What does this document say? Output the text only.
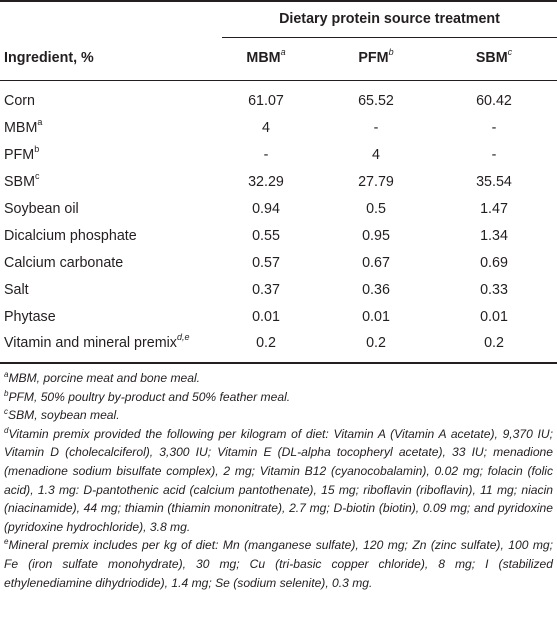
Dietary protein source treatment
Ingredient, %	MBM$^a$	PFM$^b$	SBM$^c$
Corn	61.07	65.52	60.42
MBM$^a$	4	-	-
PFM$^b$	-	4	-
SBM$^c$	32.29	27.79	35.54
Soybean oil	0.94	0.5	1.47
Dicalcium phosphate	0.55	0.95	1.34
Calcium carbonate	0.57	0.67	0.69
Salt	0.37	0.36	0.33
Phytase	0.01	0.01	0.01
Vitamin and mineral premix$^{d,e}$	0.2	0.2	0.2

$^a$MBM, porcine meat and bone meal.

$^b$PFM, 50% poultry by-product and 50% feather meal.

$^c$SBM, soybean meal.

$^d$Vitamin premix provided the following per kilogram of diet: Vitamin A (Vitamin A acetate), 9,370 IU; Vitamin D (cholecalciferol), 3,300 IU; Vitamin E (DL-alpha tocopheryl acetate), 33 IU; menadione (menadione sodium bisulfate complex), 2 mg; Vitamin B12 (cyanocobalamin), 0.02 mg; folacin (folic acid), 1.3 mg: D-pantothenic acid (calcium pantothenate), 15 mg; riboflavin (riboflavin), 11 mg; niacin (niacinamide), 44 mg; thiamin (thiamin mononitrate), 2.7 mg; D-biotin (biotin), 0.09 mg; and pyridoxine (pyridoxine hydrochloride), 3.8 mg.

$^e$Mineral premix includes per kg of diet: Mn (manganese sulfate), 120 mg; Zn (zinc sulfate), 100 mg; Fe (iron sulfate monohydrate), 30 mg; Cu (tri-basic copper chloride), 8 mg; I (stabilized ethylenediamine dihydriodide), 1.4 mg; Se (sodium selenite), 0.3 mg.
